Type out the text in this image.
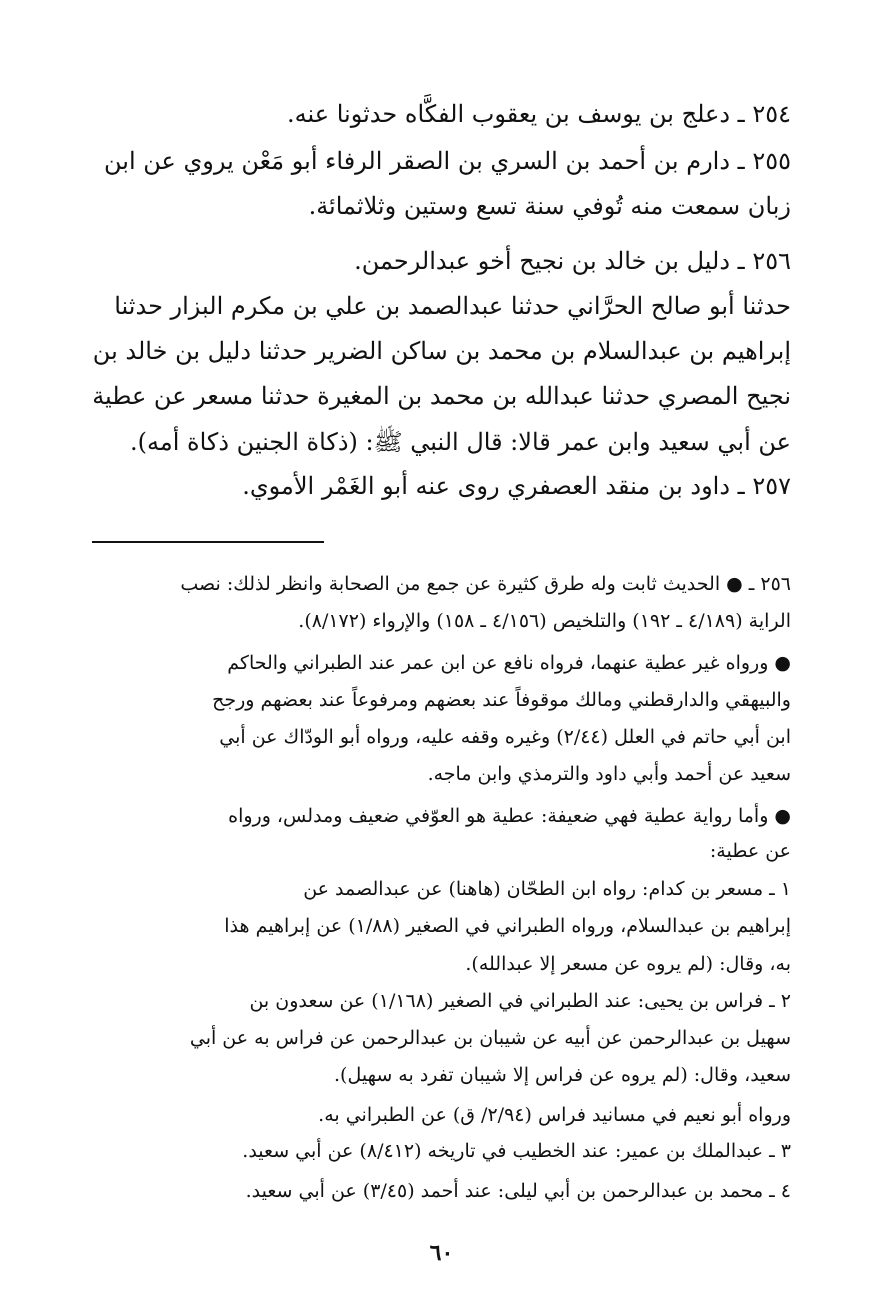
٢٥٤ ـ دعلج بن يوسف بن يعقوب الفكَّاه حدثونا عنه.
٢٥٥ ـ دارم بن أحمد بن السري بن الصقر الرفاء أبو مَعْن يروي عن ابن
زبان سمعت منه تُوفي سنة تسع وستين وثلاثمائة.
٢٥٦ ـ دليل بن خالد بن نجيح أخو عبدالرحمن.
حدثنا أبو صالح الحرَّاني حدثنا عبدالصمد بن علي بن مكرم البزار حدثنا
إبراهيم بن عبدالسلام بن محمد بن ساكن الضرير حدثنا دليل بن خالد بن
نجيح المصري حدثنا عبدالله بن محمد بن المغيرة حدثنا مسعر عن عطية
عن أبي سعيد وابن عمر قالا: قال النبي ﷺ: (ذكاة الجنين ذكاة أمه).
٢٥٧ ـ داود بن منقد العصفري روى عنه أبو الغَمْر الأموي.
٢٥٦ ـ ● الحديث ثابت وله طرق كثيرة عن جمع من الصحابة وانظر لذلك: نصب
الراية (٤/١٨٩ ـ ١٩٢) والتلخيص (٤/١٥٦ ـ ١٥٨) والإرواء (٨/١٧٢).
● ورواه غير عطية عنهما، فرواه نافع عن ابن عمر عند الطبراني والحاكم
والبيهقي والدارقطني ومالك موقوفاً عند بعضهم ومرفوعاً عند بعضهم ورجح
ابن أبي حاتم في العلل (٢/٤٤) وغيره وقفه عليه، ورواه أبو الودّاك عن أبي
سعيد عن أحمد وأبي داود والترمذي وابن ماجه.
● وأما رواية عطية فهي ضعيفة: عطية هو العوّفي ضعيف ومدلس، ورواه
عن عطية:
١ ـ مسعر بن كدام: رواه ابن الطحّان (هاهنا) عن عبدالصمد عن
إبراهيم بن عبدالسلام، ورواه الطبراني في الصغير (١/٨٨) عن إبراهيم هذا
به، وقال: (لم يروه عن مسعر إلا عبدالله).
٢ ـ فراس بن يحيى: عند الطبراني في الصغير (١/١٦٨) عن سعدون بن
سهيل بن عبدالرحمن عن أبيه عن شيبان بن عبدالرحمن عن فراس به عن أبي
سعيد، وقال: (لم يروه عن فراس إلا شيبان تفرد به سهيل).
ورواه أبو نعيم في مسانيد فراس (٢/٩٤/ ق) عن الطبراني به.
٣ ـ عبدالملك بن عمير: عند الخطيب في تاريخه (٨/٤١٢) عن أبي سعيد.
٤ ـ محمد بن عبدالرحمن بن أبي ليلى: عند أحمد (٣/٤٥) عن أبي سعيد.
٦٠
